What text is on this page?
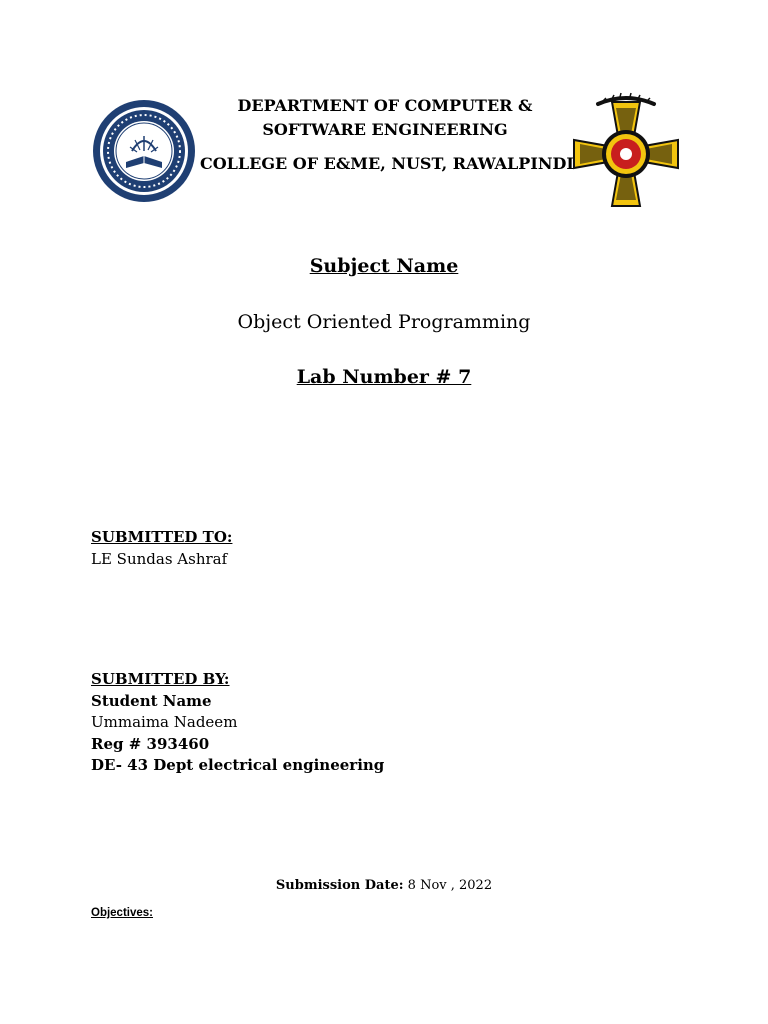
DEPARTMENT OF COMPUTER &
SOFTWARE ENGINEERING
COLLEGE OF E&ME, NUST, RAWALPINDI
Subject Name
Object Oriented Programming
Lab Number # 7
SUBMITTED TO:
LE Sundas Ashraf
SUBMITTED BY:
Student Name
Ummaima Nadeem
Reg # 393460
DE- 43 Dept electrical engineering
Submission Date: 8 Nov , 2022
Objectives:
